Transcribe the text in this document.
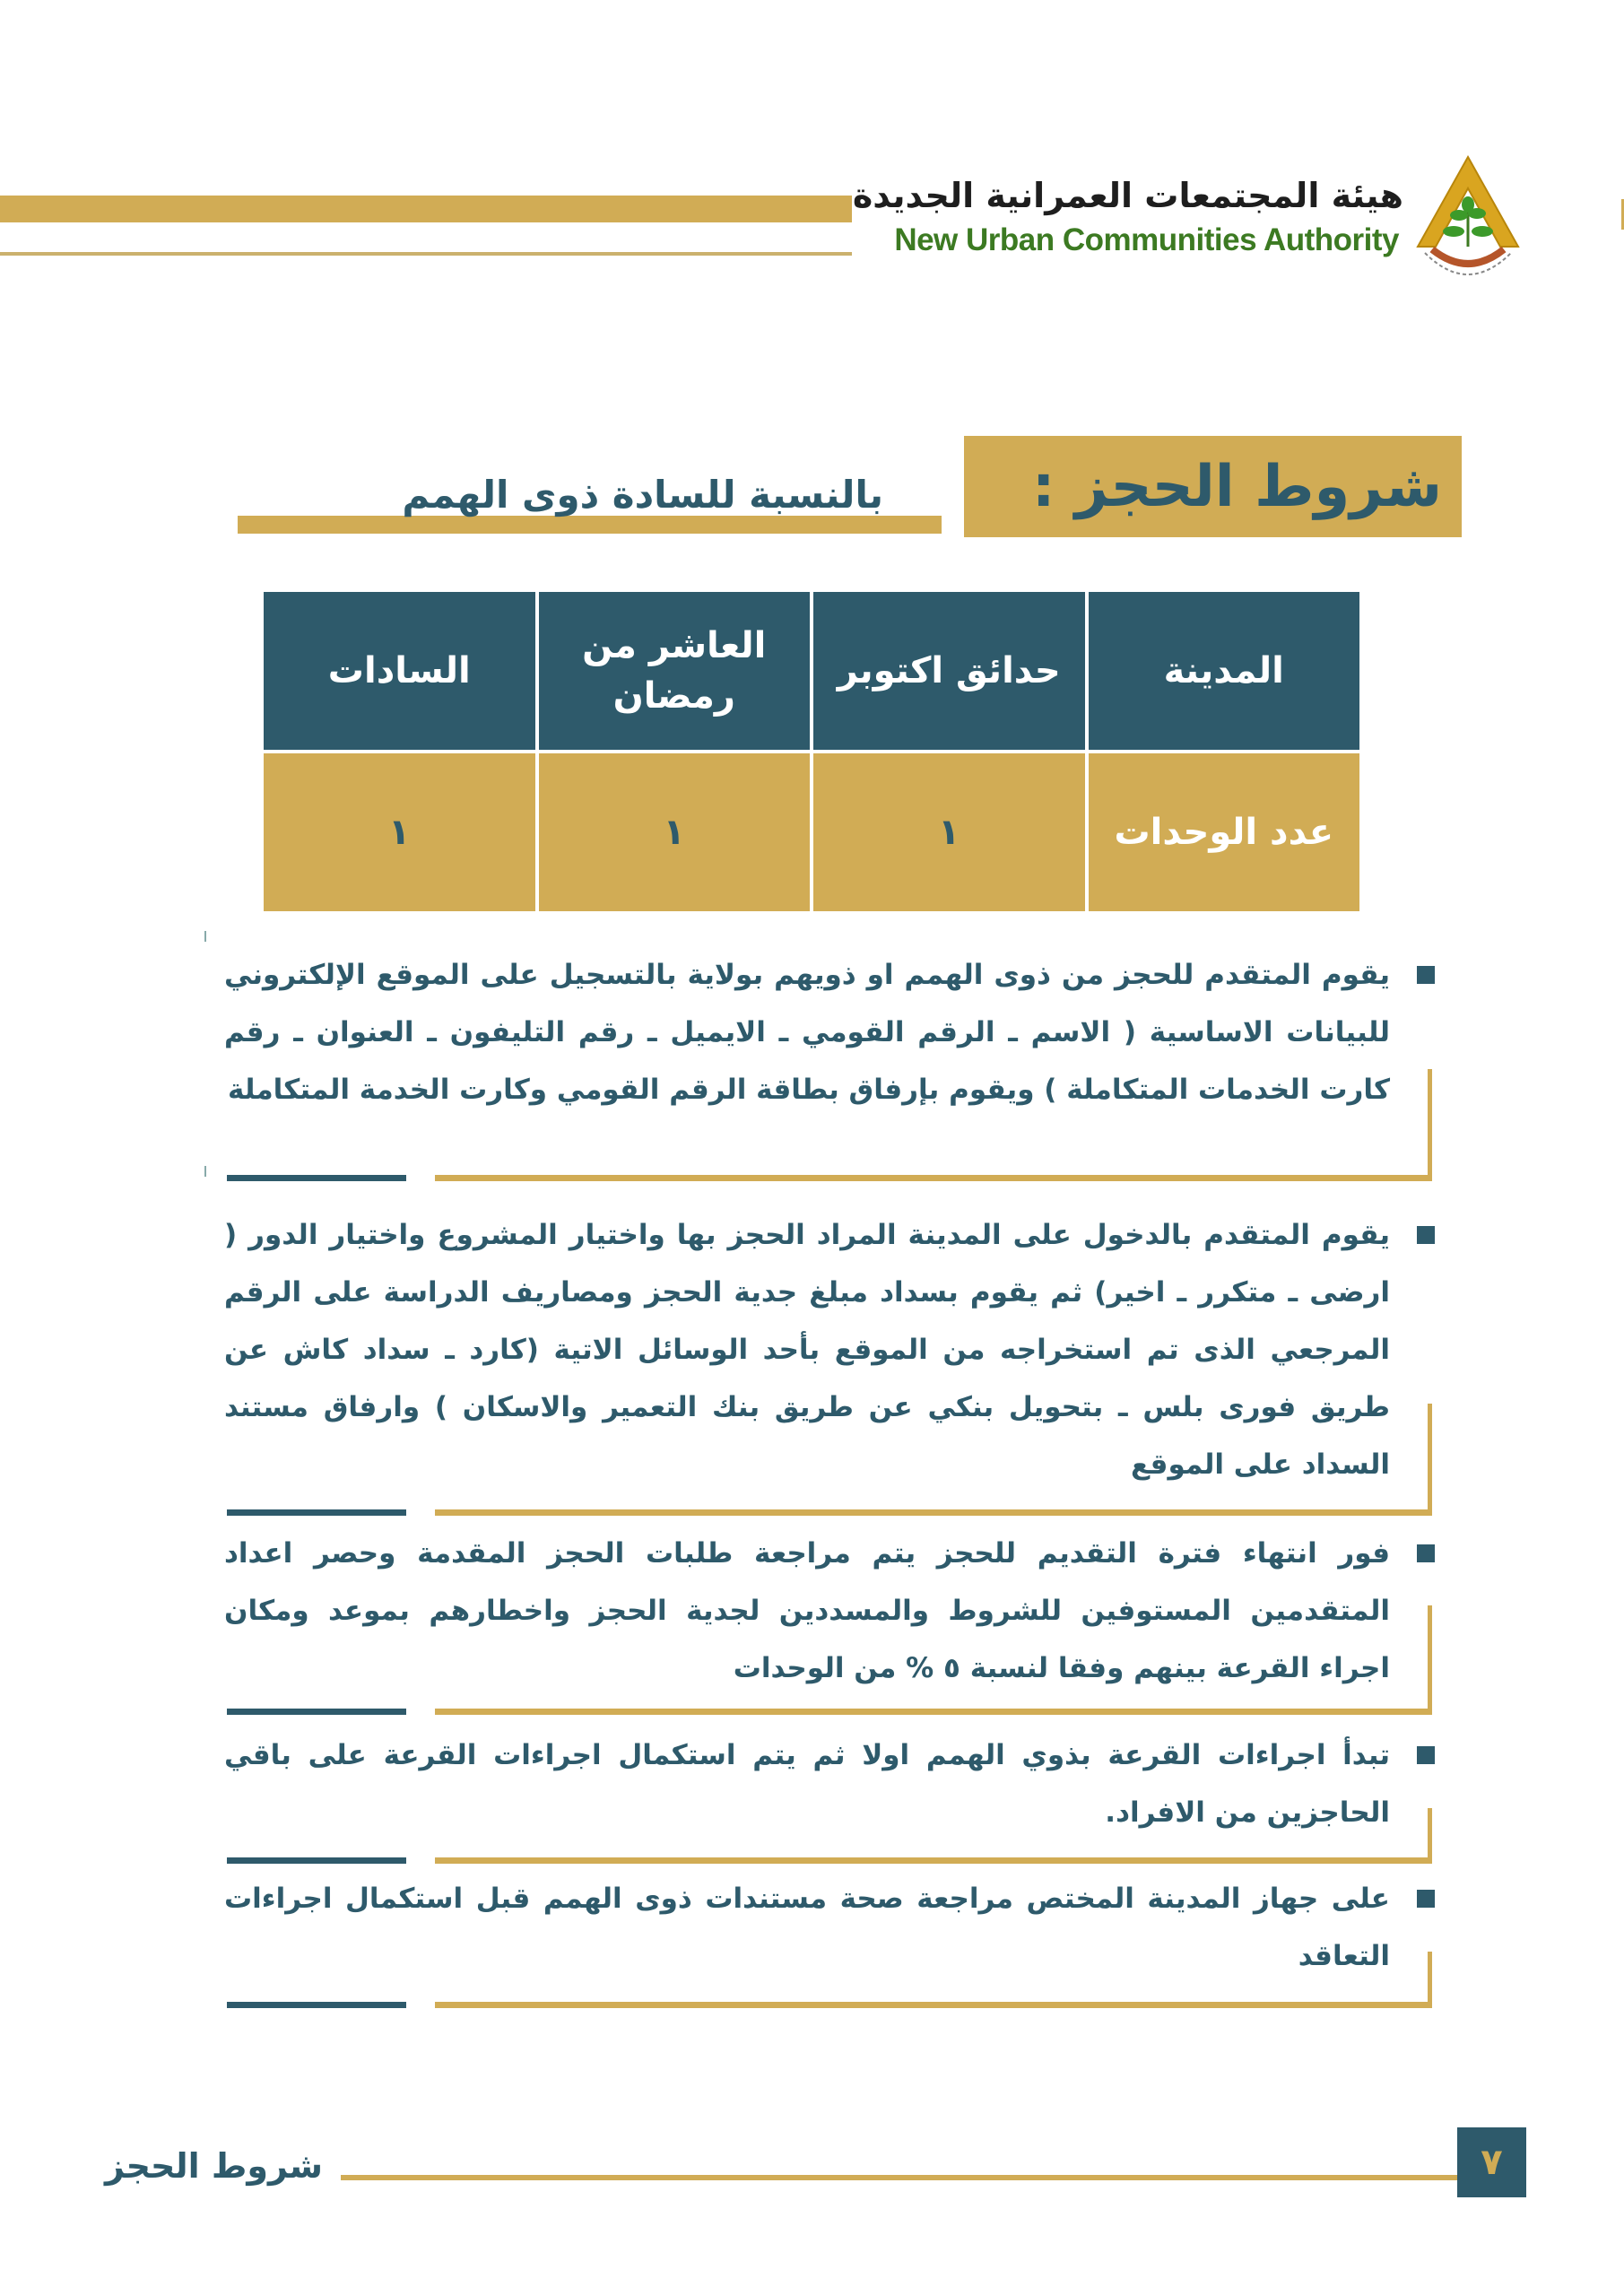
هيئة المجتمعات العمرانية الجديدة
New Urban Communities Authority
شروط الحجز :
بالنسبة للسادة ذوى الهمم
المدينة	حدائق اكتوبر	العاشر من رمضان	السادات
عدد الوحدات	١	١	١
يقوم المتقدم للحجز من ذوى الهمم او ذويهم بولاية بالتسجيل على الموقع الإلكتروني للبيانات الاساسية ( الاسم ـ الرقم القومي ـ الايميل ـ رقم التليفون ـ العنوان ـ رقم كارت الخدمات المتكاملة ) ويقوم بإرفاق بطاقة الرقم القومي وكارت الخدمة المتكاملة
يقوم المتقدم بالدخول على المدينة المراد الحجز بها واختيار المشروع واختيار الدور ( ارضى ـ متكرر ـ اخير) ثم يقوم بسداد مبلغ جدية الحجز ومصاريف الدراسة على الرقم المرجعي الذى تم استخراجه من الموقع بأحد الوسائل الاتية (كارد ـ سداد كاش عن طريق فورى بلس ـ بتحويل بنكي عن طريق بنك التعمير والاسكان ) وارفاق مستند السداد على الموقع
فور انتهاء فترة التقديم للحجز يتم مراجعة طلبات الحجز المقدمة وحصر اعداد المتقدمين المستوفين للشروط والمسددين لجدية الحجز واخطارهم بموعد ومكان اجراء القرعة بينهم وفقا لنسبة ٥ % من الوحدات
تبدأ اجراءات القرعة بذوي الهمم اولا ثم يتم استكمال اجراءات القرعة على باقي الحاجزين من الافراد.
على جهاز المدينة المختص مراجعة صحة مستندات ذوى الهمم قبل استكمال اجراءات التعاقد
شروط الحجز	٧
